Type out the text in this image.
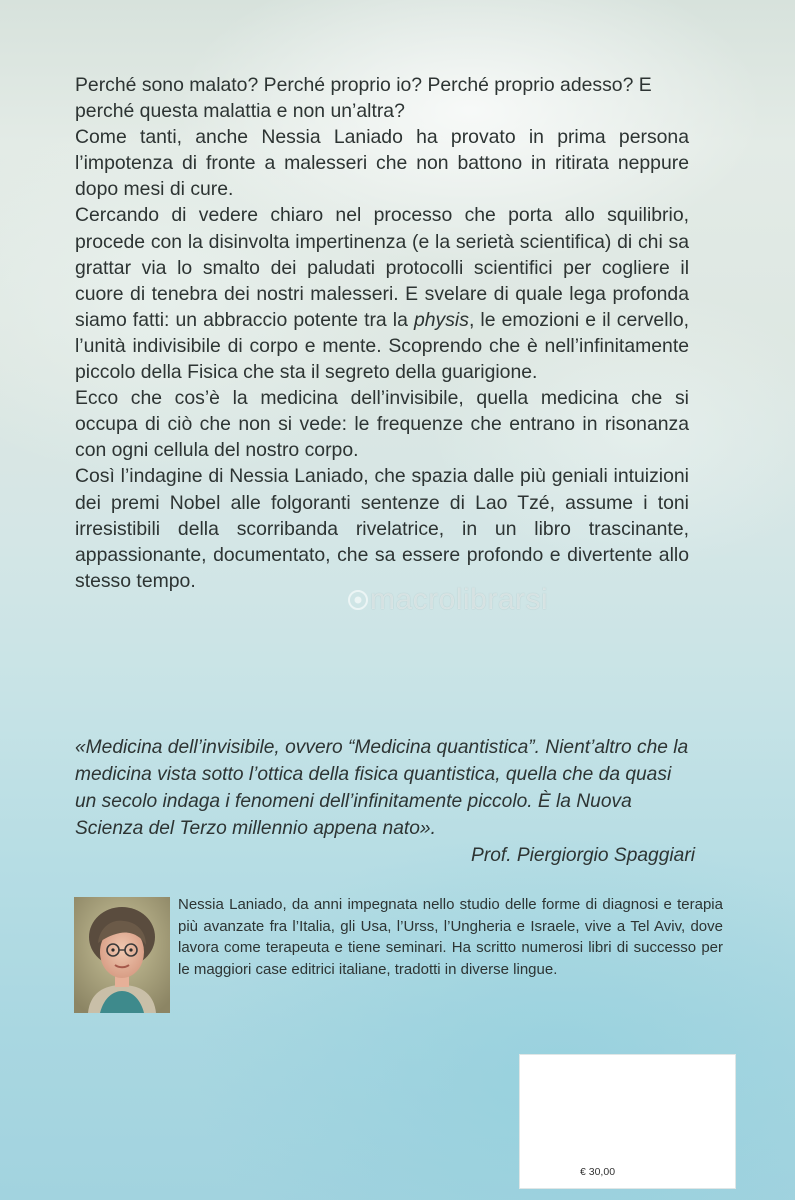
Perché sono malato? Perché proprio io? Perché proprio adesso? E perché questa malattia e non un’altra?

Come tanti, anche Nessia Laniado ha provato in prima persona l’impotenza di fronte a malesseri che non battono in ritirata neppure dopo mesi di cure.

Cercando di vedere chiaro nel processo che porta allo squilibrio, procede con la disinvolta impertinenza (e la serietà scientifica) di chi sa grattar via lo smalto dei paludati protocolli scientifici per cogliere il cuore di tenebra dei nostri malesseri. E svelare di quale lega profonda siamo fatti: un abbraccio potente tra la physis, le emozioni e il cervello, l’unità indivisibile di corpo e mente. Scoprendo che è nell’infinitamente piccolo della Fisica che sta il segreto della guarigione.

Ecco che cos’è la medicina dell’invisibile, quella medicina che si occupa di ciò che non si vede: le frequenze che entrano in risonanza con ogni cellula del nostro corpo.

Così l’indagine di Nessia Laniado, che spazia dalle più geniali intuizioni dei premi Nobel alle folgoranti sentenze di Lao Tzé, assume i toni irresistibili della scorribanda rivelatrice, in un libro trascinante, appassionante, documentato, che sa essere profondo e divertente allo stesso tempo.

macrolibrarsi

«Medicina dell’invisibile, ovvero “Medicina quantistica”. Nient’altro che la medicina vista sotto l’ottica della fisica quantistica, quella che da quasi un secolo indaga i fenomeni dell’infinitamente piccolo. È la Nuova Scienza del Terzo millennio appena nato».

Prof. Piergiorgio Spaggiari

Nessia Laniado, da anni impegnata nello studio delle forme di diagnosi e terapia più avanzate fra l’Italia, gli Usa, l’Urss, l’Ungheria e Israele, vive a Tel Aviv, dove lavora come terapeuta e tiene seminari. Ha scritto numerosi libri di successo per le maggiori case editrici italiane, tradotti in diverse lingue.

€ 30,00
